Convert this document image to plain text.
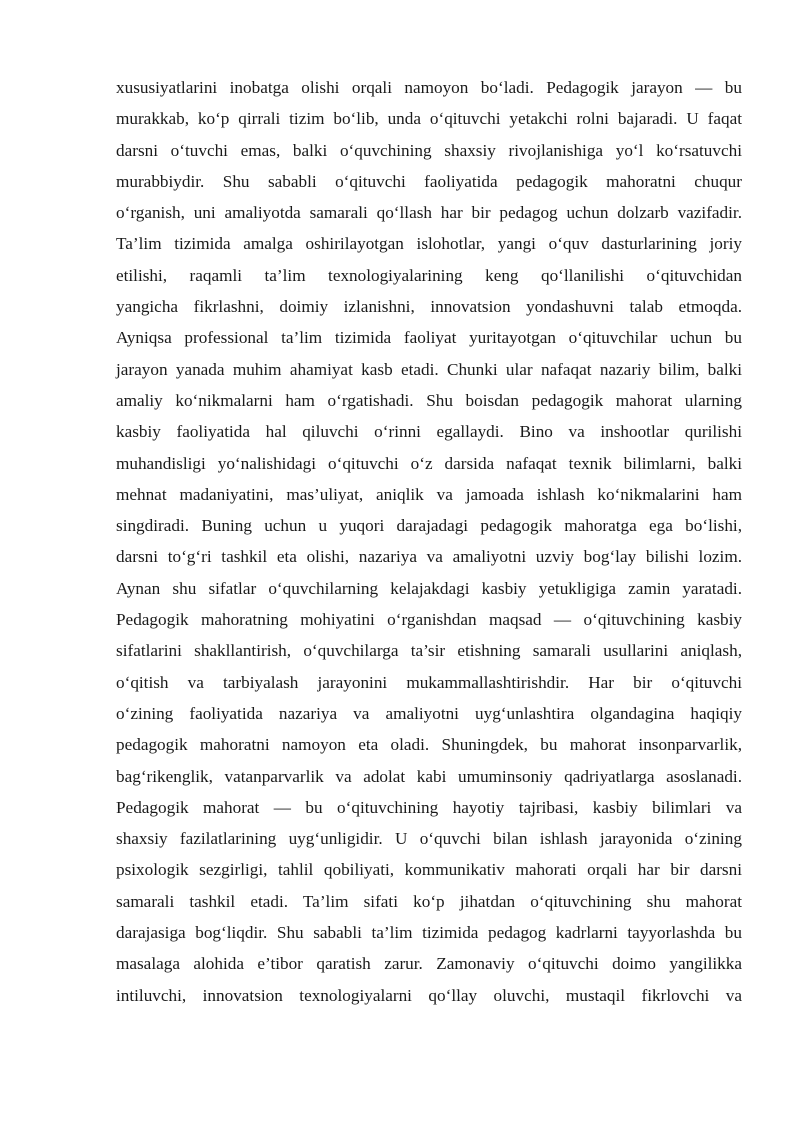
xususiyatlarini inobatga olishi orqali namoyon bo‘ladi. Pedagogik jarayon — bu
murakkab, ko‘p qirrali tizim bo‘lib, unda o‘qituvchi yetakchi rolni bajaradi. U faqat
darsni o‘tuvchi emas, balki o‘quvchining shaxsiy rivojlanishiga yo‘l ko‘rsatuvchi
murabbiydir. Shu sababli o‘qituvchi faoliyatida pedagogik mahoratni chuqur
o‘rganish, uni amaliyotda samarali qo‘llash har bir pedagog uchun dolzarb vazifadir.
Ta’lim tizimida amalga oshirilayotgan islohotlar, yangi o‘quv dasturlarining joriy
etilishi, raqamli ta’lim texnologiyalarining keng qo‘llanilishi o‘qituvchidan
yangicha fikrlashni, doimiy izlanishni, innovatsion yondashuvni talab etmoqda.
Ayniqsa professional ta’lim tizimida faoliyat yuritayotgan o‘qituvchilar uchun bu
jarayon yanada muhim ahamiyat kasb etadi. Chunki ular nafaqat nazariy bilim, balki
amaliy ko‘nikmalarni ham o‘rgatishadi. Shu boisdan pedagogik mahorat ularning
kasbiy faoliyatida hal qiluvchi o‘rinni egallaydi. Bino va inshootlar qurilishi
muhandisligi yo‘nalishidagi o‘qituvchi o‘z darsida nafaqat texnik bilimlarni, balki
mehnat madaniyatini, mas’uliyat, aniqlik va jamoada ishlash ko‘nikmalarini ham
singdiradi. Buning uchun u yuqori darajadagi pedagogik mahoratga ega bo‘lishi,
darsni to‘g‘ri tashkil eta olishi, nazariya va amaliyotni uzviy bog‘lay bilishi lozim.
Aynan shu sifatlar o‘quvchilarning kelajakdagi kasbiy yetukligiga zamin yaratadi.
Pedagogik mahoratning mohiyatini o‘rganishdan maqsad — o‘qituvchining kasbiy
sifatlarini shakllantirish, o‘quvchilarga ta’sir etishning samarali usullarini aniqlash,
o‘qitish va tarbiyalash jarayonini mukammallashtirishdir. Har bir o‘qituvchi
o‘zining faoliyatida nazariya va amaliyotni uyg‘unlashtira olgandagina haqiqiy
pedagogik mahoratni namoyon eta oladi. Shuningdek, bu mahorat insonparvarlik,
bag‘rikenglik, vatanparvarlik va adolat kabi umuminsoniy qadriyatlarga asoslanadi.
Pedagogik mahorat — bu o‘qituvchining hayotiy tajribasi, kasbiy bilimlari va
shaxsiy fazilatlarining uyg‘unligidir. U o‘quvchi bilan ishlash jarayonida o‘zining
psixologik sezgirligi, tahlil qobiliyati, kommunikativ mahorati orqali har bir darsni
samarali tashkil etadi. Ta’lim sifati ko‘p jihatdan o‘qituvchining shu mahorat
darajasiga bog‘liqdir. Shu sababli ta’lim tizimida pedagog kadrlarni tayyorlashda bu
masalaga alohida e’tibor qaratish zarur. Zamonaviy o‘qituvchi doimo yangilikka
intiluvchi, innovatsion texnologiyalarni qo‘llay oluvchi, mustaqil fikrlovchi va
